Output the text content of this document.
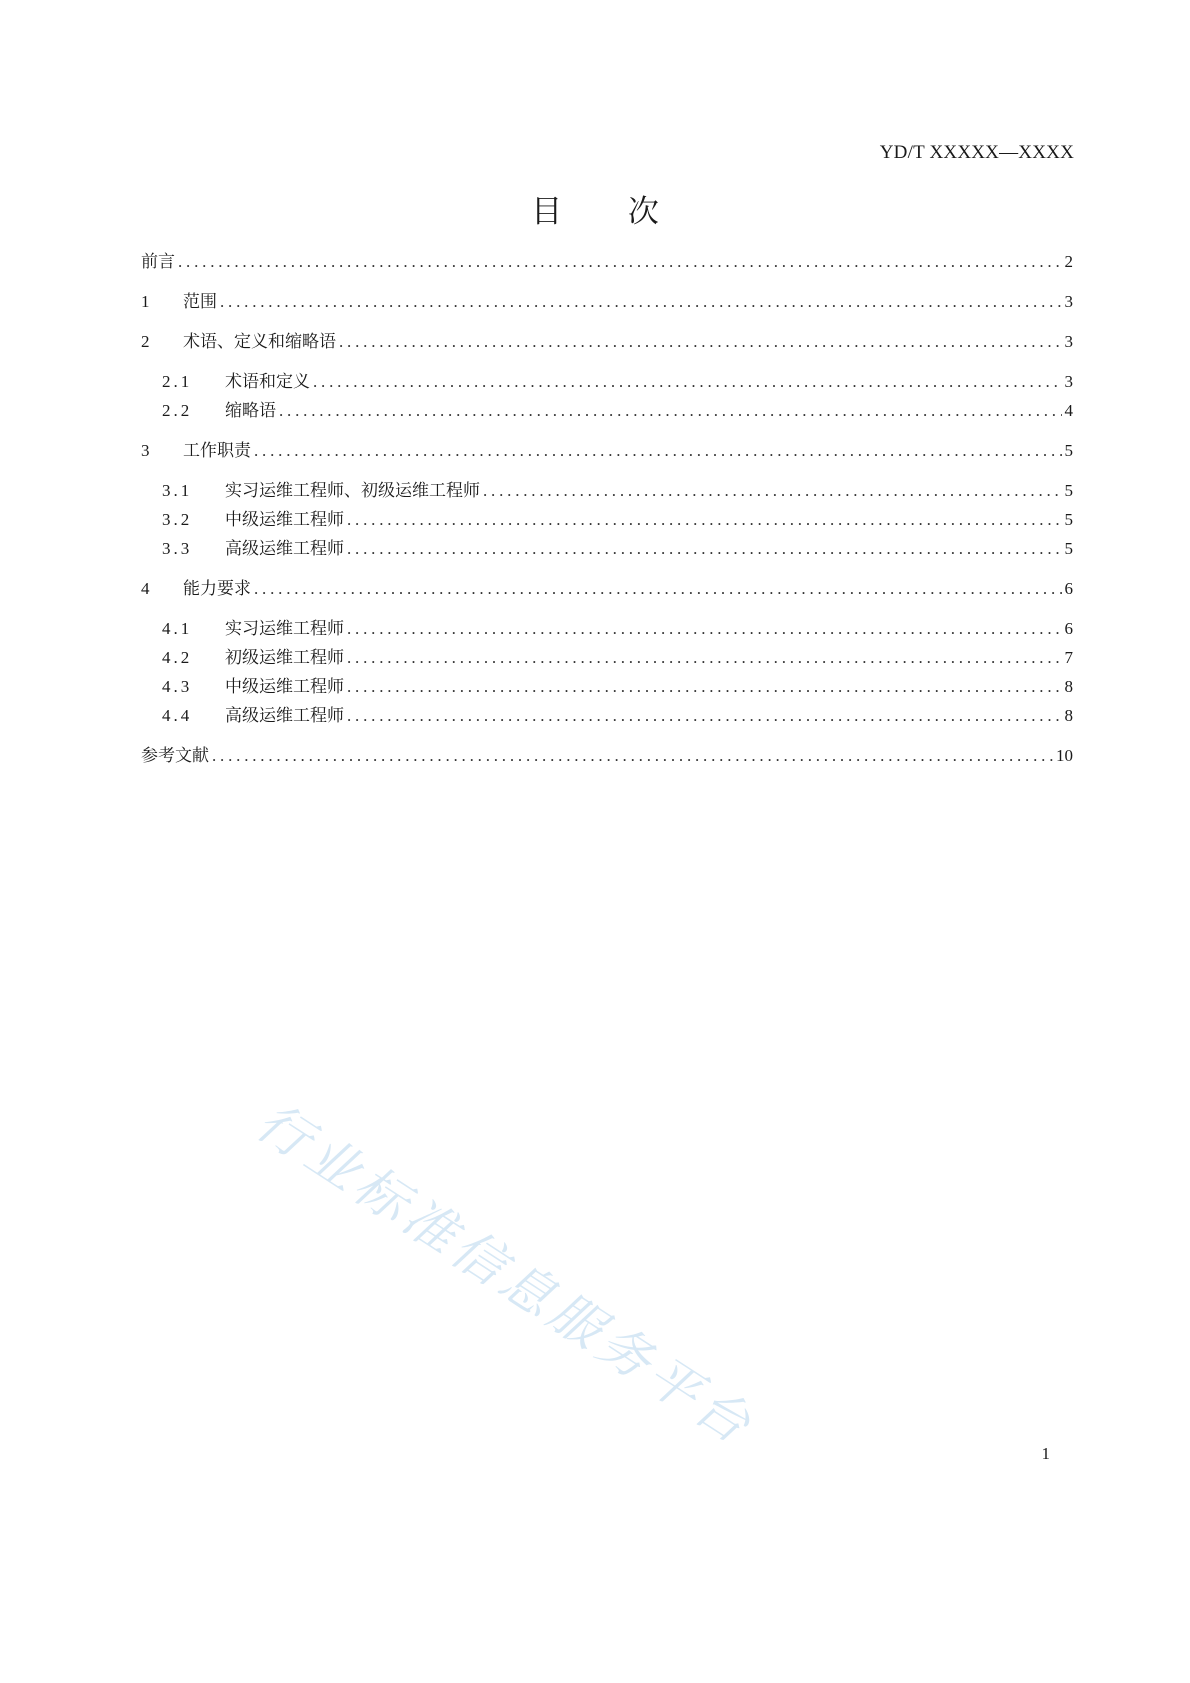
YD/T XXXXX—XXXX
目 次
前言 .....	2
1	范围 .....	3
2	术语、定义和缩略语 .....	3
2.1	术语和定义 .....	3
2.2	缩略语 .....	4
3	工作职责 .....	5
3.1	实习运维工程师、初级运维工程师 .....	5
3.2	中级运维工程师 .....	5
3.3	高级运维工程师 .....	5
4	能力要求 .....	6
4.1	实习运维工程师 .....	6
4.2	初级运维工程师 .....	7
4.3	中级运维工程师 .....	8
4.4	高级运维工程师 .....	8
参考文献 .....	10
行业标准信息服务平台	1
